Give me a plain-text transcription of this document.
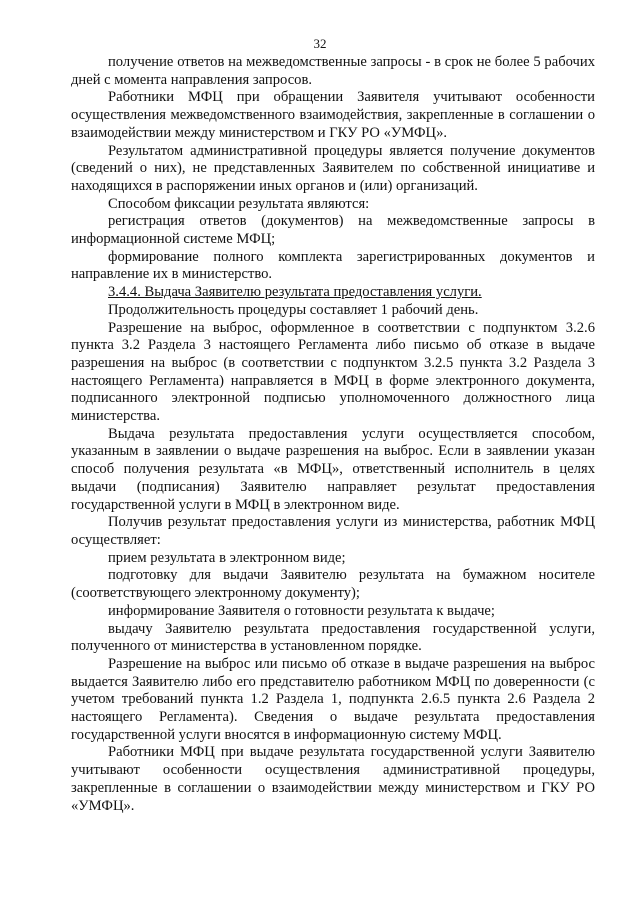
32

получение ответов на межведомственные запросы - в срок не более 5 рабочих дней с момента направления запросов.

Работники МФЦ при обращении Заявителя учитывают особенности осуществления межведомственного взаимодействия, закрепленные в соглашении о взаимодействии между министерством и ГКУ РО «УМФЦ».

Результатом административной процедуры является получение документов (сведений о них), не представленных Заявителем по собственной инициативе и находящихся в распоряжении иных органов и (или) организаций.

Способом фиксации результата являются:

регистрация ответов (документов) на межведомственные запросы в информационной системе МФЦ;

формирование полного комплекта зарегистрированных документов и направление их в министерство.

3.4.4. Выдача Заявителю результата предоставления услуги.

Продолжительность процедуры составляет 1 рабочий день.

Разрешение на выброс, оформленное в соответствии с подпунктом 3.2.6 пункта 3.2 Раздела 3 настоящего Регламента либо письмо об отказе в выдаче разрешения на выброс (в соответствии с подпунктом 3.2.5 пункта 3.2 Раздела 3 настоящего Регламента) направляется в МФЦ в форме электронного документа, подписанного электронной подписью уполномоченного должностного лица министерства.

Выдача результата предоставления услуги осуществляется способом, указанным в заявлении о выдаче разрешения на выброс. Если в заявлении указан способ получения результата «в МФЦ», ответственный исполнитель в целях выдачи (подписания) Заявителю направляет результат предоставления государственной услуги в МФЦ в электронном виде.

Получив результат предоставления услуги из министерства, работник МФЦ осуществляет:

прием результата в электронном виде;

подготовку для выдачи Заявителю результата на бумажном носителе (соответствующего электронному документу);

информирование Заявителя о готовности результата к выдаче;

выдачу Заявителю результата предоставления государственной услуги, полученного от министерства в установленном порядке.

Разрешение на выброс или письмо об отказе в выдаче разрешения на выброс выдается Заявителю либо его представителю работником МФЦ по доверенности (с учетом требований пункта 1.2 Раздела 1, подпункта 2.6.5 пункта 2.6 Раздела 2 настоящего Регламента). Сведения о выдаче результата предоставления государственной услуги вносятся в информационную систему МФЦ.

Работники МФЦ при выдаче результата государственной услуги Заявителю учитывают особенности осуществления административной процедуры, закрепленные в соглашении о взаимодействии между министерством и ГКУ РО «УМФЦ».
